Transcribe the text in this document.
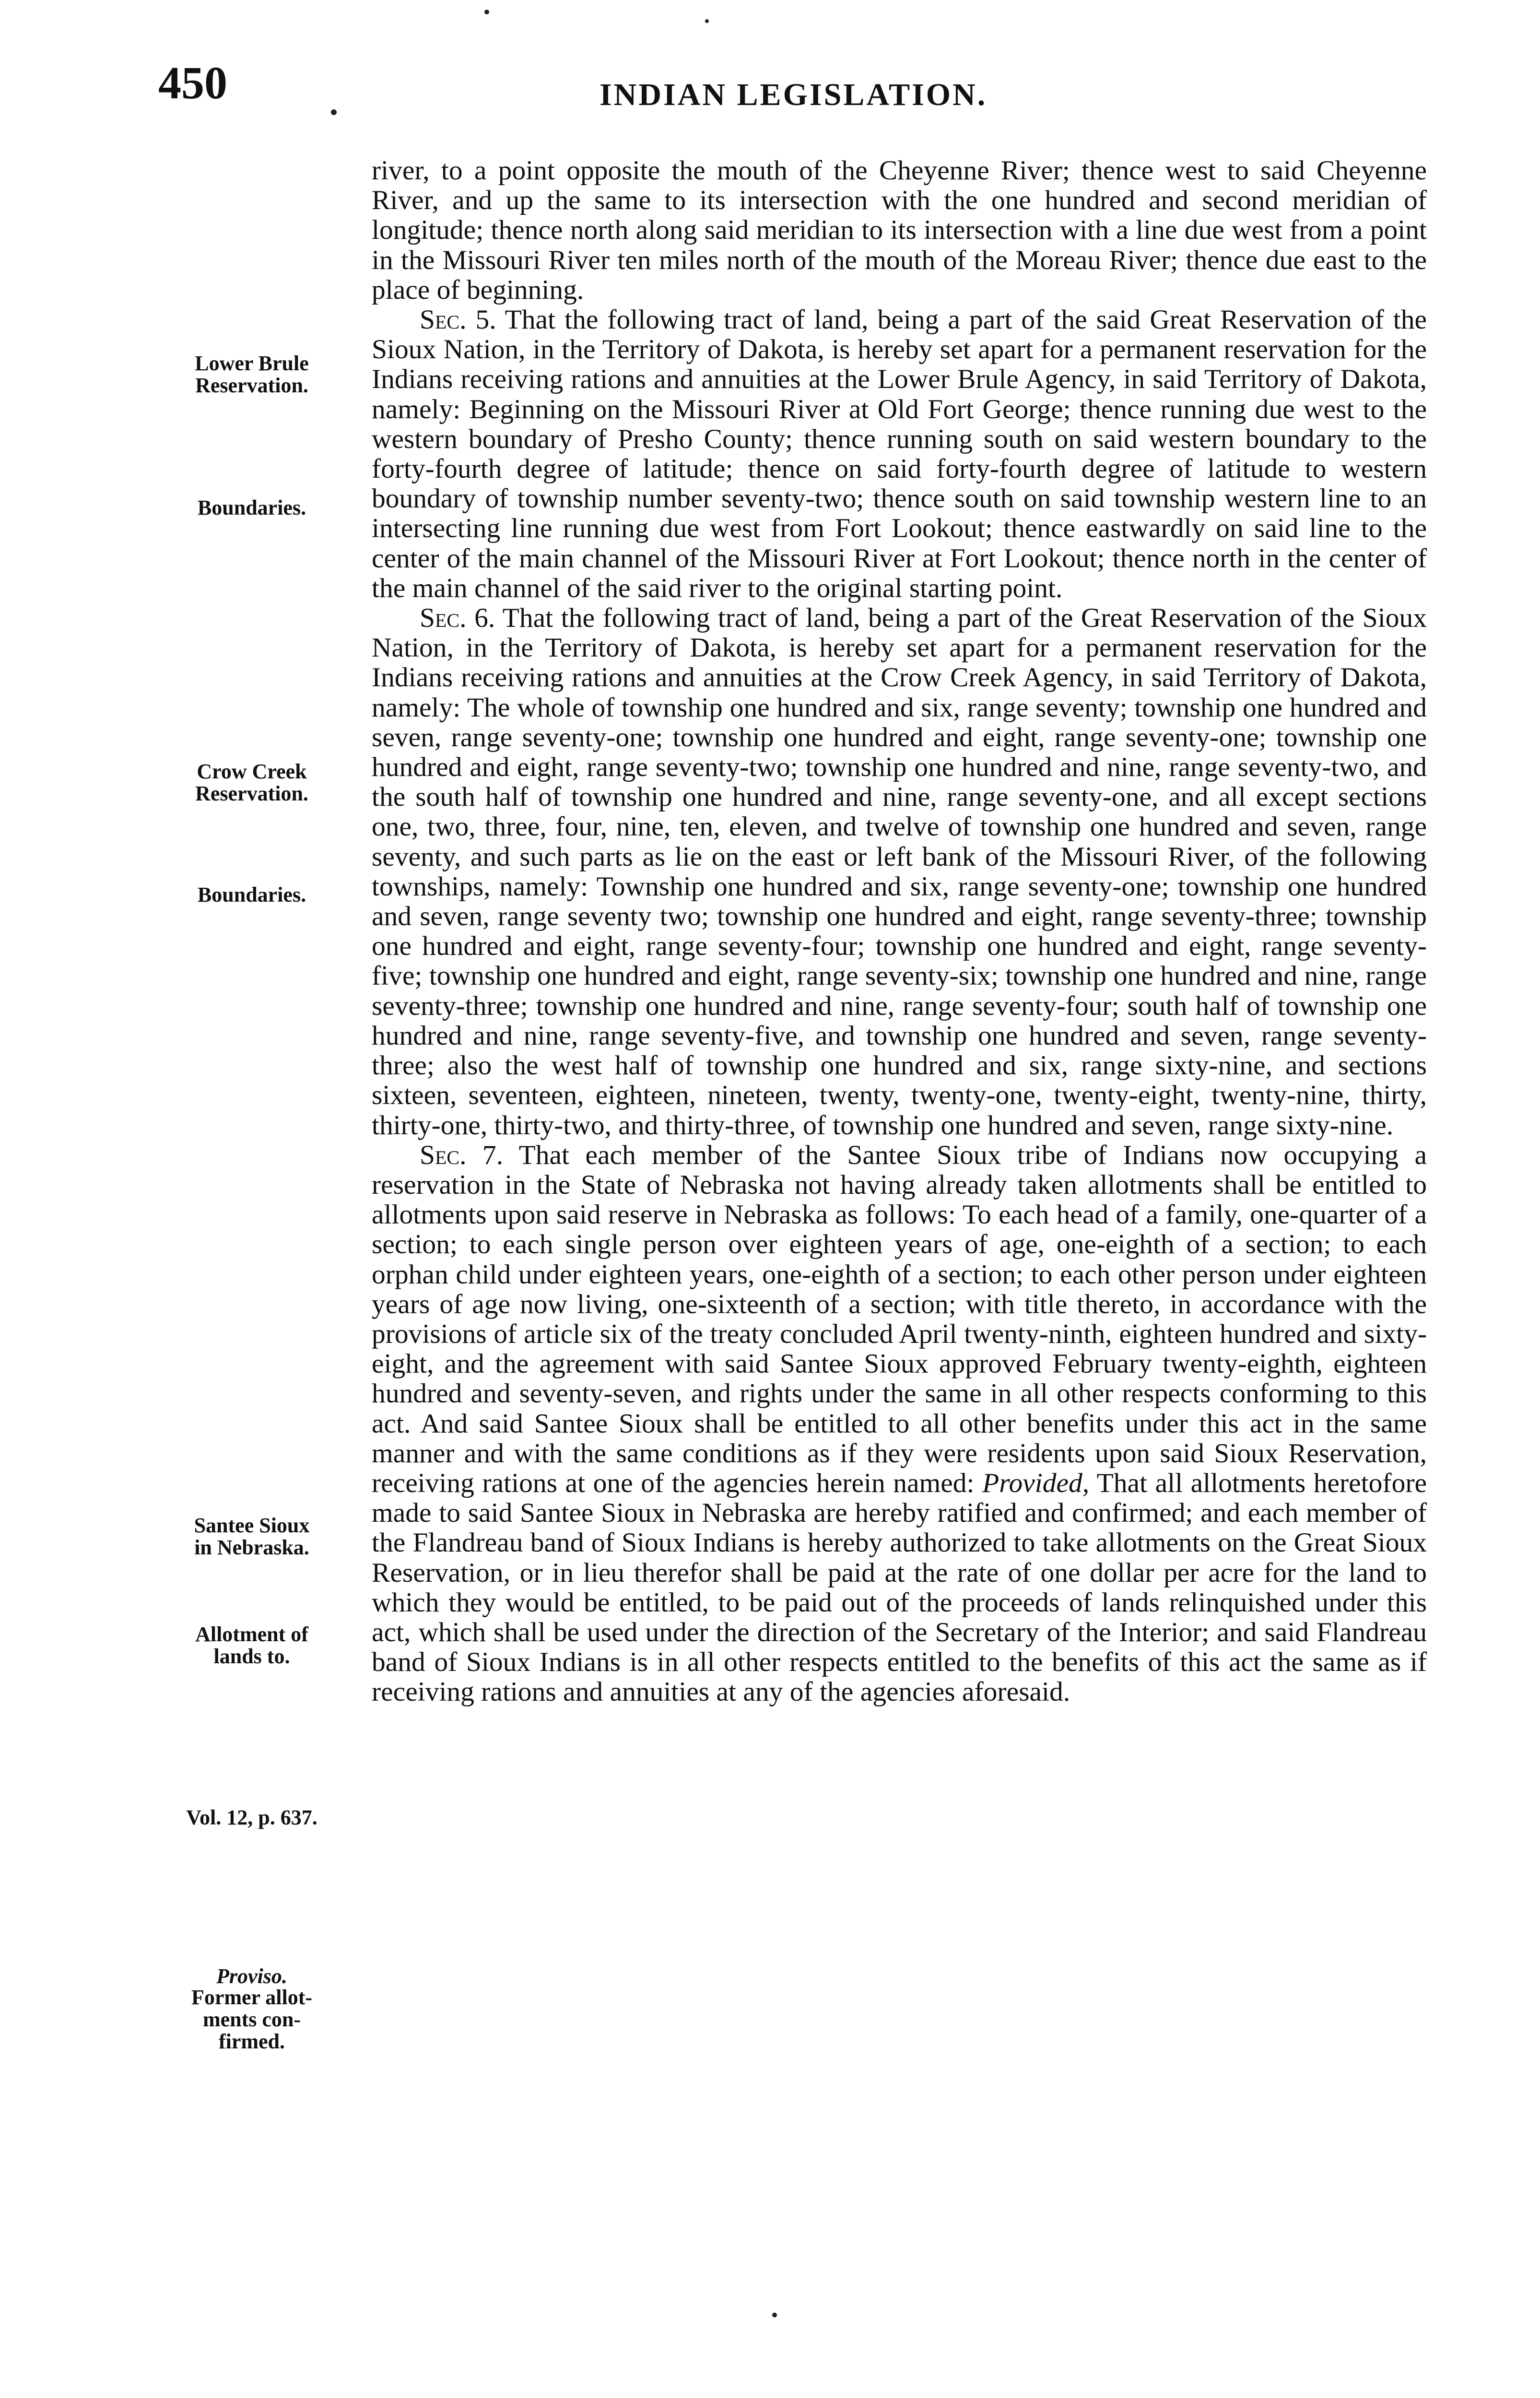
450	INDIAN LEGISLATION.
Lower Brule
Reservation.
Boundaries.
Crow Creek
Reservation.
Boundaries.
Santee Sioux
in Nebraska.
Allotment of
lands to.
Vol. 12, p. 637.
Proviso.
Former allot-
ments con-
firmed.

river, to a point opposite the mouth of the Cheyenne River; thence west to said Cheyenne River, and up the same to its intersection with the one hundred and second meridian of longitude; thence north along said meridian to its intersection with a line due west from a point in the Missouri River ten miles north of the mouth of the Moreau River; thence due east to the place of beginning.

Sec. 5. That the following tract of land, being a part of the said Great Reservation of the Sioux Nation, in the Territory of Dakota, is hereby set apart for a permanent reservation for the Indians receiving rations and annuities at the Lower Brule Agency, in said Territory of Dakota, namely: Beginning on the Missouri River at Old Fort George; thence running due west to the western boundary of Presho County; thence running south on said western boundary to the forty-fourth degree of latitude; thence on said forty-fourth degree of latitude to western boundary of township number seventy-two; thence south on said township western line to an intersecting line running due west from Fort Lookout; thence eastwardly on said line to the center of the main channel of the Missouri River at Fort Lookout; thence north in the center of the main channel of the said river to the original starting point.

Sec. 6. That the following tract of land, being a part of the Great Reservation of the Sioux Nation, in the Territory of Dakota, is hereby set apart for a permanent reservation for the Indians receiving rations and annuities at the Crow Creek Agency, in said Territory of Dakota, namely: The whole of township one hundred and six, range seventy; township one hundred and seven, range seventy-one; township one hundred and eight, range seventy-one; township one hundred and eight, range seventy-two; township one hundred and nine, range seventy-two, and the south half of township one hundred and nine, range seventy-one, and all except sections one, two, three, four, nine, ten, eleven, and twelve of township one hundred and seven, range seventy, and such parts as lie on the east or left bank of the Missouri River, of the following townships, namely: Township one hundred and six, range seventy-one; township one hundred and seven, range seventy two; township one hundred and eight, range seventy-three; township one hundred and eight, range seventy-four; township one hundred and eight, range seventy-five; township one hundred and eight, range seventy-six; township one hundred and nine, range seventy-three; township one hundred and nine, range seventy-four; south half of township one hundred and nine, range seventy-five, and township one hundred and seven, range seventy-three; also the west half of township one hundred and six, range sixty-nine, and sections sixteen, seventeen, eighteen, nineteen, twenty, twenty-one, twenty-eight, twenty-nine, thirty, thirty-one, thirty-two, and thirty-three, of township one hundred and seven, range sixty-nine.

Sec. 7. That each member of the Santee Sioux tribe of Indians now occupying a reservation in the State of Nebraska not having already taken allotments shall be entitled to allotments upon said reserve in Nebraska as follows: To each head of a family, one-quarter of a section; to each single person over eighteen years of age, one-eighth of a section; to each orphan child under eighteen years, one-eighth of a section; to each other person under eighteen years of age now living, one-sixteenth of a section; with title thereto, in accordance with the provisions of article six of the treaty concluded April twenty-ninth, eighteen hundred and sixty-eight, and the agreement with said Santee Sioux approved February twenty-eighth, eighteen hundred and seventy-seven, and rights under the same in all other respects conforming to this act. And said Santee Sioux shall be entitled to all other benefits under this act in the same manner and with the same conditions as if they were residents upon said Sioux Reservation, receiving rations at one of the agencies herein named: Provided, That all allotments heretofore made to said Santee Sioux in Nebraska are hereby ratified and confirmed; and each member of the Flandreau band of Sioux Indians is hereby authorized to take allotments on the Great Sioux Reservation, or in lieu therefor shall be paid at the rate of one dollar per acre for the land to which they would be entitled, to be paid out of the proceeds of lands relinquished under this act, which shall be used under the direction of the Secretary of the Interior; and said Flandreau band of Sioux Indians is in all other respects entitled to the benefits of this act the same as if receiving rations and annuities at any of the agencies aforesaid.
